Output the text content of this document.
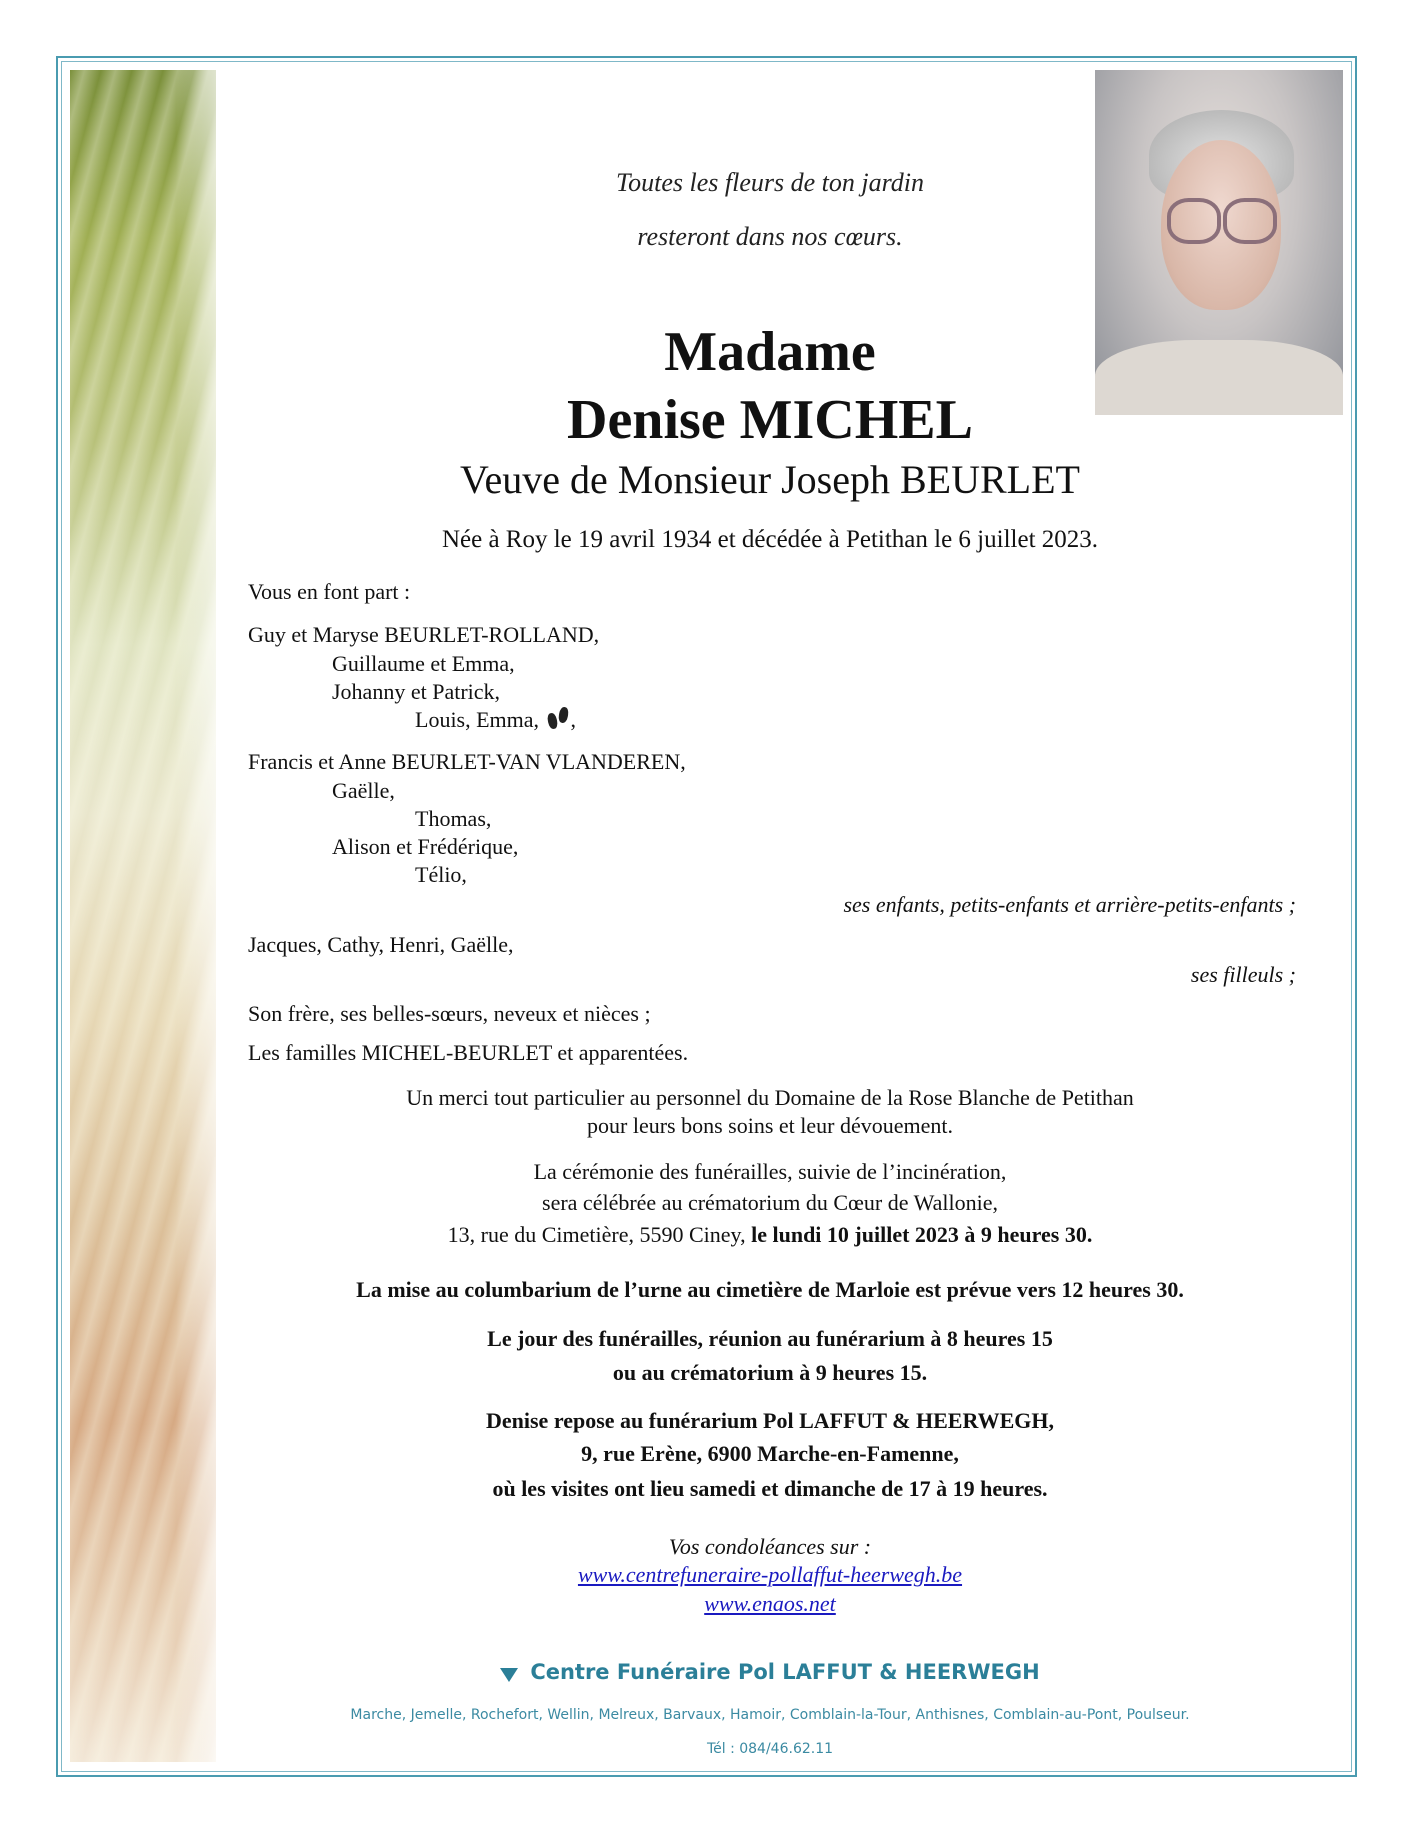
Toutes les fleurs de ton jardin
resteront dans nos cœurs.
Madame
Denise MICHEL
Veuve de Monsieur Joseph BEURLET
Née à Roy le 19 avril 1934 et décédée à Petithan le 6 juillet 2023.
Vous en font part :
Guy et Maryse BEURLET-ROLLAND,
Guillaume et Emma,
Johanny et Patrick,
Louis, Emma, ,
Francis et Anne BEURLET-VAN VLANDEREN,
Gaëlle,
Thomas,
Alison et Frédérique,
Télio,
ses enfants, petits-enfants et arrière-petits-enfants ;
Jacques, Cathy, Henri, Gaëlle,
ses filleuls ;
Son frère, ses belles-sœurs, neveux et nièces ;
Les familles MICHEL-BEURLET et apparentées.
Un merci tout particulier au personnel du Domaine de la Rose Blanche de Petithan
pour leurs bons soins et leur dévouement.
La cérémonie des funérailles, suivie de l’incinération,
sera célébrée au crématorium du Cœur de Wallonie,
13, rue du Cimetière, 5590 Ciney, le lundi 10 juillet 2023 à 9 heures 30.
La mise au columbarium de l’urne au cimetière de Marloie est prévue vers 12 heures 30.
Le jour des funérailles, réunion au funérarium à 8 heures 15
ou au crématorium à 9 heures 15.
Denise repose au funérarium Pol LAFFUT & HEERWEGH,
9, rue Erène, 6900 Marche-en-Famenne,
où les visites ont lieu samedi et dimanche de 17 à 19 heures.
Vos condoléances sur :
www.centrefuneraire-pollaffut-heerwegh.be
www.enaos.net
Centre Funéraire Pol LAFFUT & HEERWEGH
Marche, Jemelle, Rochefort, Wellin, Melreux, Barvaux, Hamoir, Comblain-la-Tour, Anthisnes, Comblain-au-Pont, Poulseur.
Tél : 084/46.62.11
